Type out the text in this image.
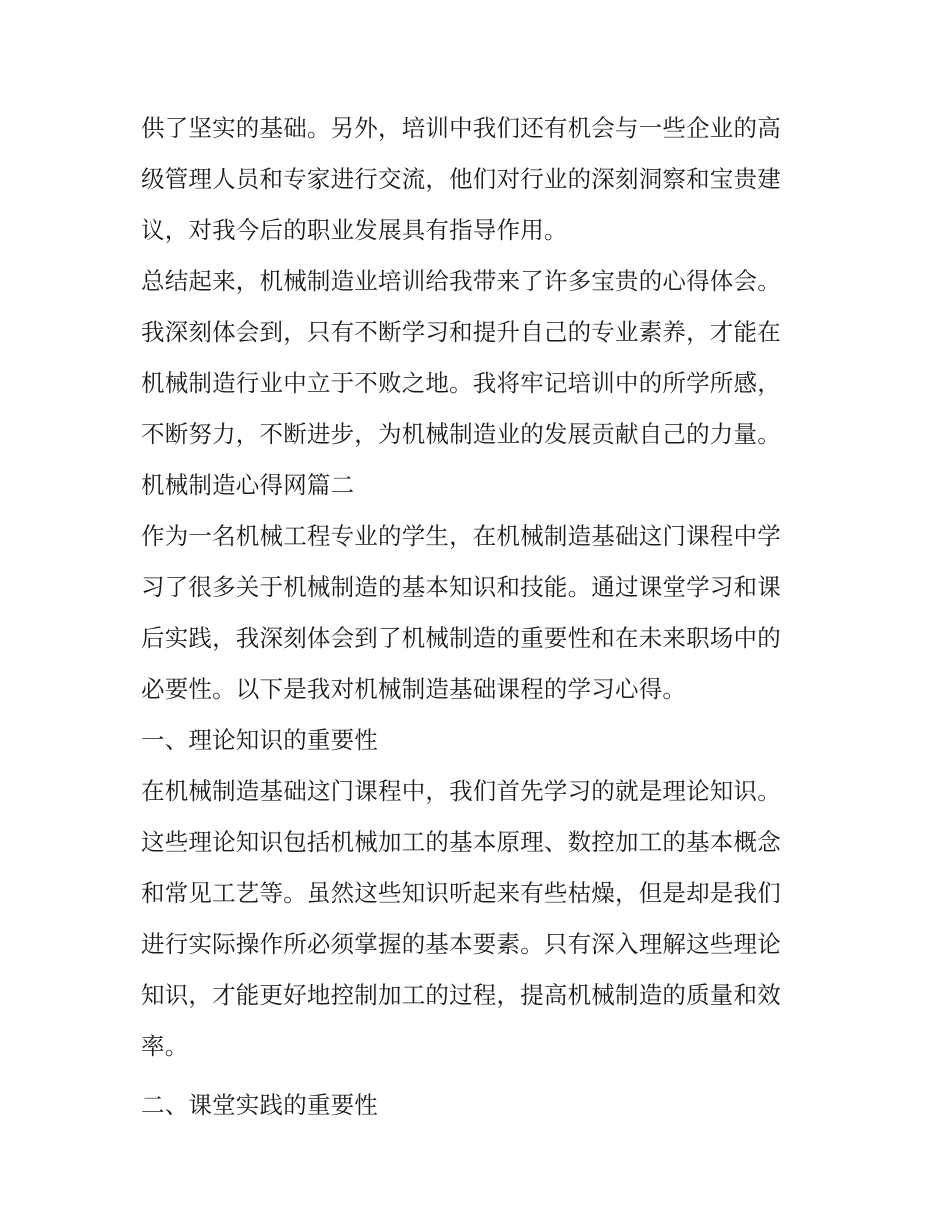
供了坚实的基础。另外，培训中我们还有机会与一些企业的高
级管理人员和专家进行交流，他们对行业的深刻洞察和宝贵建
议，对我今后的职业发展具有指导作用。
总结起来，机械制造业培训给我带来了许多宝贵的心得体会。
我深刻体会到，只有不断学习和提升自己的专业素养，才能在
机械制造行业中立于不败之地。我将牢记培训中的所学所感，
不断努力，不断进步，为机械制造业的发展贡献自己的力量。
机械制造心得网篇二
作为一名机械工程专业的学生，在机械制造基础这门课程中学
习了很多关于机械制造的基本知识和技能。通过课堂学习和课
后实践，我深刻体会到了机械制造的重要性和在未来职场中的
必要性。以下是我对机械制造基础课程的学习心得。
一、理论知识的重要性
在机械制造基础这门课程中，我们首先学习的就是理论知识。
这些理论知识包括机械加工的基本原理、数控加工的基本概念
和常见工艺等。虽然这些知识听起来有些枯燥，但是却是我们
进行实际操作所必须掌握的基本要素。只有深入理解这些理论
知识，才能更好地控制加工的过程，提高机械制造的质量和效
率。
二、课堂实践的重要性
